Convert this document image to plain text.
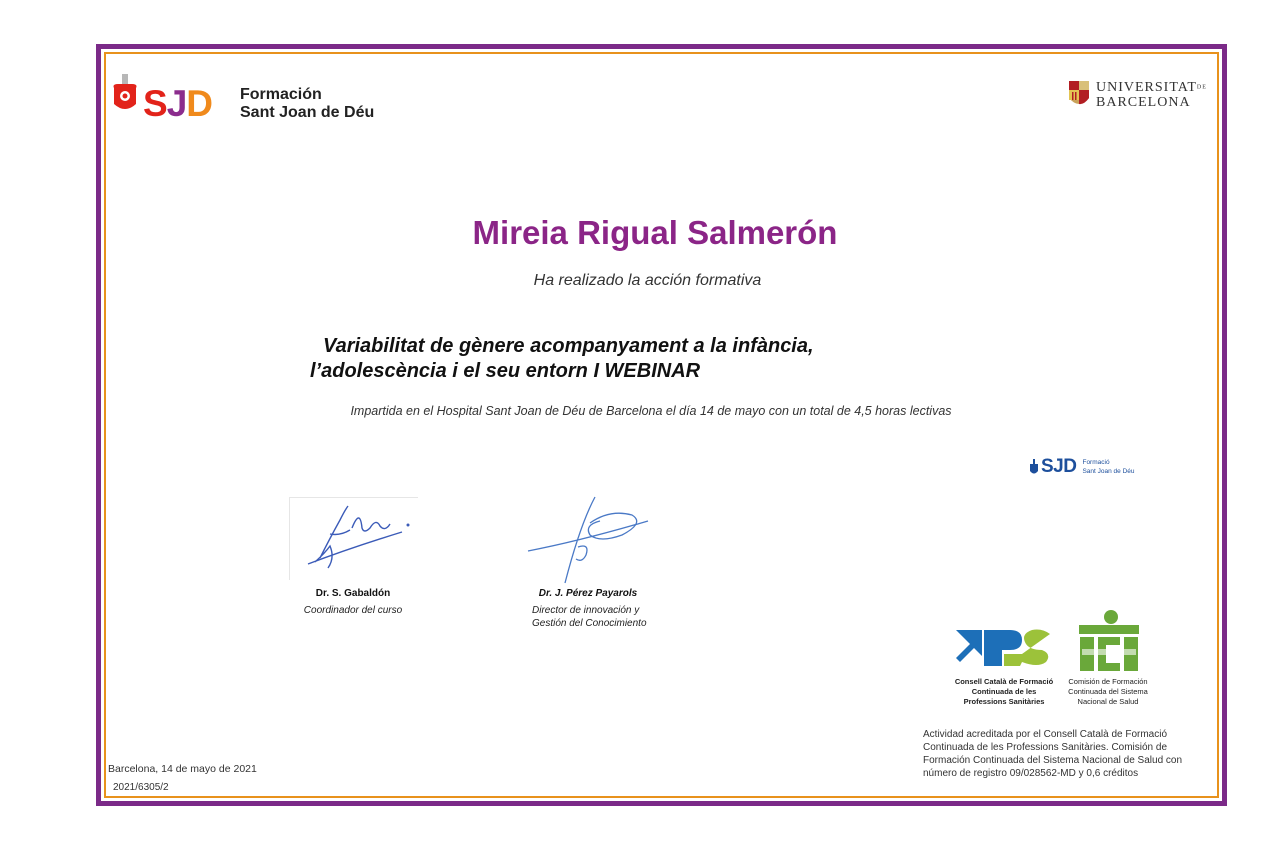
SJD Formación
Sant Joan de Déu
UNIVERSITATDE
BARCELONA
Mireia Rigual Salmerón
Ha realizado la acción formativa
Variabilitat de gènere acompanyament a la infància,
l’adolescència i el seu entorn I WEBINAR
Impartida en el Hospital Sant Joan de Déu de Barcelona el día 14 de mayo con un total de 4,5 horas lectivas
SJD Formació
Sant Joan de Déu
Dr. S. Gabaldón
Coordinador del curso
Dr. J. Pérez Payarols
Director de innovación y
Gestión del Conocimiento
Consell Català de Formació
Continuada de les
Professions Sanitàries
Comisión de Formación
Continuada del Sistema
Nacional de Salud
Actividad acreditada por el Consell Català de Formació Continuada de les Professions Sanitàries. Comisión de Formación Continuada del Sistema Nacional de Salud con número de registro 09/028562-MD y 0,6 créditos
Barcelona, 14 de mayo de 2021
2021/6305/2
